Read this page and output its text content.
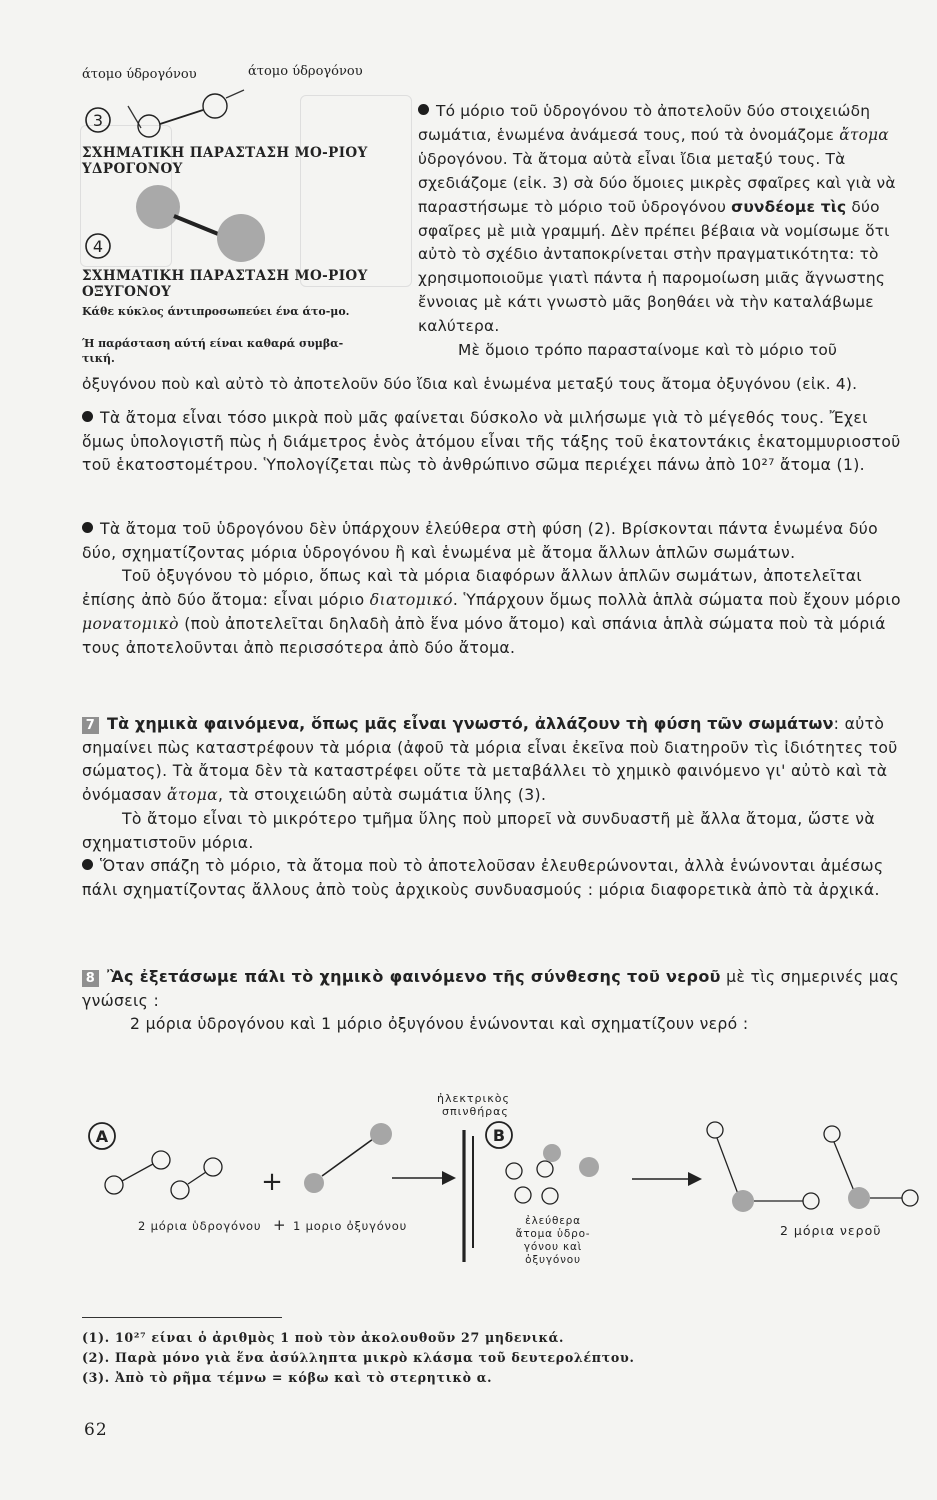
άτομο ύδρογόνου	άτομο ύδρογόνου
3
ΣΧΗΜΑΤΙΚΗ ΠΑΡΑΣΤΑΣΗ ΜΟ-ΡΙΟΥ ΥΔΡΟΓΟΝΟΥ
4
ΣΧΗΜΑΤΙΚΗ ΠΑΡΑΣΤΑΣΗ ΜΟ-ΡΙΟΥ ΟΞΥΓΟΝΟΥ
Κάθε κύκλος άντιπροσωπεύει ένα άτο-μο.
Ή παράσταση αύτή είναι καθαρά συμβα-τική.

Τό μόριο τοῦ ὑδρογόνου τὸ ἀποτελοῦν δύο στοιχειώδη σωμάτια, ἑνωμένα ἀνάμεσά τους, πού τὰ ὀνομάζομε ἄτομα ὑδρογόνου. Τὰ ἄτομα αὐτὰ εἶναι ἴδια μεταξύ τους. Τὰ σχεδιάζομε (εἰκ. 3) σὰ δύο ὅμοιες μικρὲς σφαῖρες καὶ γιὰ νὰ παραστήσωμε τὸ μόριο τοῦ ὑδρογόνου συνδέομε τὶς δύο σφαῖρες μὲ μιὰ γραμμή. Δὲν πρέπει βέβαια νὰ νομίσωμε ὅτι αὐτὸ τὸ σχέδιο ἀνταποκρίνεται στὴν πραγματικότητα: τὸ χρησιμοποιοῦμε γιατὶ πάντα ἡ παρομοίωση μιᾶς ἄγνωστης ἔννοιας μὲ κάτι γνωστὸ μᾶς βοηθάει νὰ τὴν καταλάβωμε καλύτερα.
Μὲ ὅμοιο τρόπο παρασταίνομε καὶ τὸ μόριο τοῦ

ὀξυγόνου ποὺ καὶ αὐτὸ τὸ ἀποτελοῦν δύο ἴδια καὶ ἑνωμένα μεταξύ τους ἄτομα ὀξυγόνου (εἰκ. 4).

Τὰ ἄτομα εἶναι τόσο μικρὰ ποὺ μᾶς φαίνεται δύσκολο νὰ μιλήσωμε γιὰ τὸ μέγεθός τους. Ἔχει ὅμως ὑπολογιστῆ πὼς ἡ διάμετρος ἑνὸς ἀτόμου εἶναι τῆς τάξης τοῦ ἑκατοντάκις ἑκατομμυριοστοῦ τοῦ ἑκατοστομέτρου. Ὑπολογίζεται πὼς τὸ ἀνθρώπινο σῶμα περιέχει πάνω ἀπὸ 10²⁷ ἄτομα (1).

Τὰ ἄτομα τοῦ ὑδρογόνου δὲν ὑπάρχουν ἐλεύθερα στὴ φύση (2). Βρίσκονται πάντα ἑνωμένα δύο δύο, σχηματίζοντας μόρια ὑδρογόνου ἢ καὶ ἑνωμένα μὲ ἄτομα ἄλλων ἁπλῶν σωμάτων.
Τοῦ ὀξυγόνου τὸ μόριο, ὅπως καὶ τὰ μόρια διαφόρων ἄλλων ἁπλῶν σωμάτων, ἀποτελεῖται ἐπίσης ἀπὸ δύο ἄτομα: εἶναι μόριο διατομικό. Ὑπάρχουν ὅμως πολλὰ ἁπλὰ σώματα ποὺ ἔχουν μόριο μονατομικὸ (ποὺ ἀποτελεῖται δηλαδὴ ἀπὸ ἕνα μόνο ἄτομο) καὶ σπάνια ἁπλὰ σώματα ποὺ τὰ μόριά τους ἀποτελοῦνται ἀπὸ περισσότερα ἀπὸ δύο ἄτομα.

7 Τὰ χημικὰ φαινόμενα, ὅπως μᾶς εἶναι γνωστό, ἀλλάζουν τὴ φύση τῶν σωμάτων: αὐτὸ σημαίνει πὼς καταστρέφουν τὰ μόρια (ἀφοῦ τὰ μόρια εἶναι ἐκεῖνα ποὺ διατηροῦν τὶς ἰδιότητες τοῦ σώματος). Τὰ ἄτομα δὲν τὰ καταστρέφει οὔτε τὰ μεταβάλλει τὸ χημικὸ φαινόμενο γι' αὐτὸ καὶ τὰ ὀνόμασαν ἄτομα, τὰ στοιχειώδη αὐτὰ σωμάτια ὕλης (3).
Τὸ ἄτομο εἶναι τὸ μικρότερο τμῆμα ὕλης ποὺ μπορεῖ νὰ συνδυαστῆ μὲ ἄλλα ἄτομα, ὥστε νὰ σχηματιστοῦν μόρια.
Ὅταν σπάζη τὸ μόριο, τὰ ἄτομα ποὺ τὸ ἀποτελοῦσαν ἐλευθερώνονται, ἀλλὰ ἑνώνονται ἀμέσως πάλι σχηματίζοντας ἄλλους ἀπὸ τοὺς ἀρχικοὺς συνδυασμούς : μόρια διαφορετικὰ ἀπὸ τὰ ἀρχικά.

8 Ἂς ἐξετάσωμε πάλι τὸ χημικὸ φαινόμενο τῆς σύνθεσης τοῦ νεροῦ μὲ τὶς σημερινές μας γνώσεις :
2 μόρια ὑδρογόνου καὶ 1 μόριο ὀξυγόνου ἑνώνονται καὶ σχηματίζουν νερό :

A
+
ἠλεκτρικὸς
σπινθήρας
B
2 μόρια ὑδρογόνου + 1 μοριο ὀξυγόνου	ἐλεύθερα
ἄτομα ὑδρο-
γόνου καὶ
ὀξυγόνου
2 μόρια νεροῦ
(1). 10²⁷ είναι ὁ ἀριθμὸς 1 ποὺ τὸν ἀκολουθοῦν 27 μηδενικά.
(2). Παρὰ μόνο γιὰ ἕνα ἀσύλληπτα μικρὸ κλάσμα τοῦ δευτερολέπτου.
(3). Ἀπὸ τὸ ρῆμα τέμνω = κόβω καὶ τὸ στερητικὸ α.
62
